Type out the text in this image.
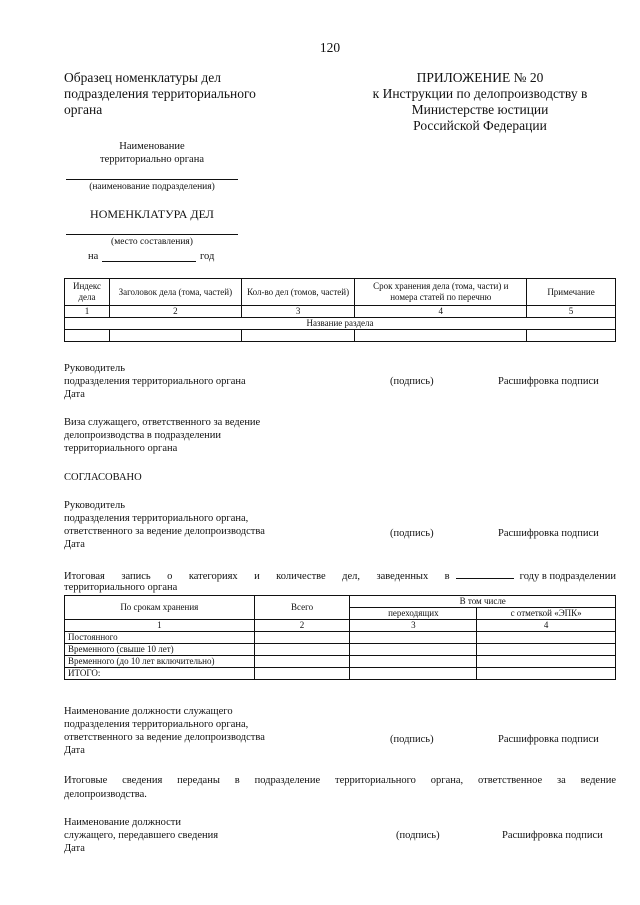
120
Образец номенклатуры дел
подразделения территориального
органа
ПРИЛОЖЕНИЕ № 20
к Инструкции по делопроизводству в
Министерстве юстиции
Российской Федерации
Наименование
территориально органа
(наименование подразделения)
НОМЕНКЛАТУРА ДЕЛ
(место составления)
на	год
Индекс дела	Заголовок дела (тома, частей)	Кол-во дел (томов, частей)	Срок хранения дела (тома, части) и номера статей по перечню	Примечание
1	2	3	4	5
Название раздела				

Руководитель
подразделения территориального органа
Дата
(подпись)	Расшифровка подписи
Виза служащего, ответственного за ведение
делопроизводства в подразделении
территориального органа
СОГЛАСОВАНО
Руководитель
подразделения территориального органа,
ответственного за ведение делопроизводства
Дата
(подпись)	Расшифровка подписи
Итоговая запись о категориях и количестве дел, заведенных в	году в подразделении
территориального органа
По срокам хранения	Всего	В том числе	
		переходящих	с отметкой «ЭПК»
1	2	3	4
Постоянного			
Временного (свыше 10 лет)			
Временного (до 10 лет включительно)			
ИТОГО:			
Наименование должности служащего
подразделения территориального органа,
ответственного за ведение делопроизводства
Дата
(подпись)	Расшифровка подписи
Итоговые сведения переданы в подразделение территориального органа, ответственное за ведение
делопроизводства.
Наименование должности
служащего, передавшего сведения
Дата
(подпись)	Расшифровка подписи
